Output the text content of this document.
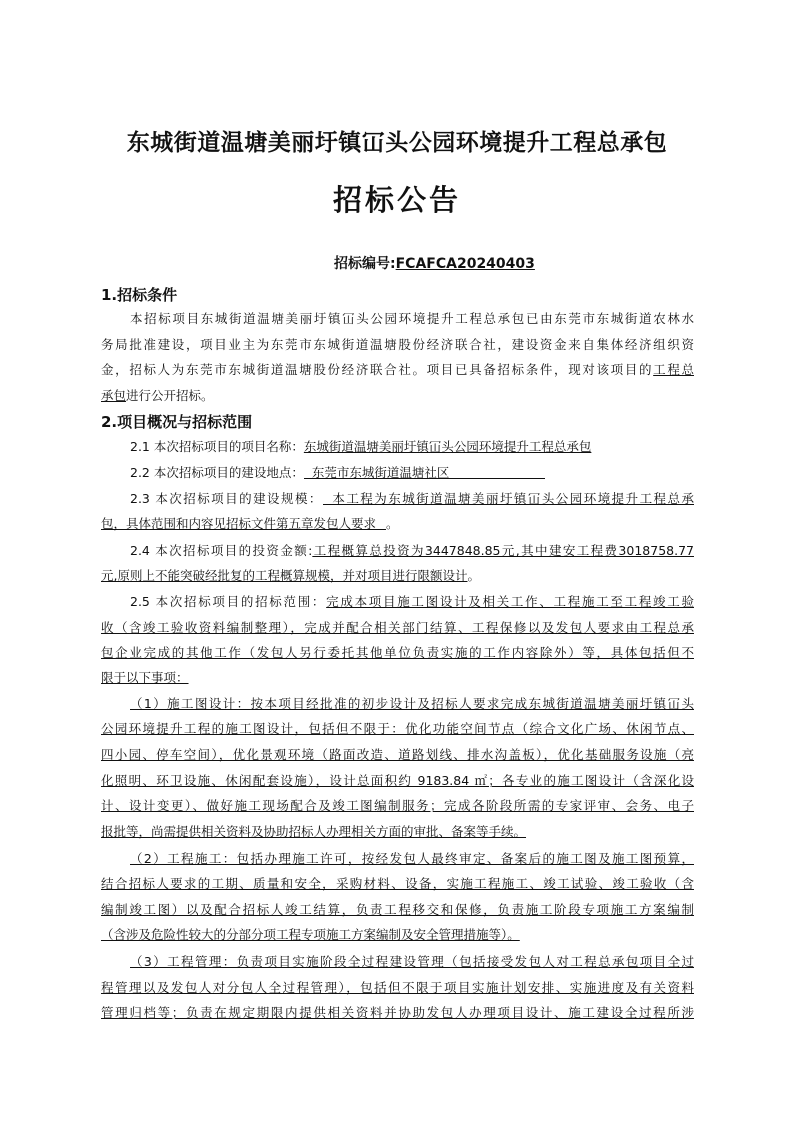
东城街道温塘美丽圩镇冚头公园环境提升工程总承包
招标公告
招标编号:FCAFCA20240403
1.招标条件
本招标项目东城街道温塘美丽圩镇冚头公园环境提升工程总承包已由东莞市东城街道农林水
务局批准建设，项目业主为东莞市东城街道温塘股份经济联合社，建设资金来自集体经济组织资
金，招标人为东莞市东城街道温塘股份经济联合社。项目已具备招标条件，现对该项目的工程总
承包进行公开招标。
2.项目概况与招标范围
2.1 本次招标项目的项目名称：东城街道温塘美丽圩镇冚头公园环境提升工程总承包
2.2 本次招标项目的建设地点： 东莞市东城街道温塘社区
2.3 本次招标项目的建设规模： 本工程为东城街道温塘美丽圩镇冚头公园环境提升工程总承
包，具体范围和内容见招标文件第五章发包人要求 。
2.4 本次招标项目的投资金额:工程概算总投资为3447848.85元,其中建安工程费3018758.77
元,原则上不能突破经批复的工程概算规模，并对项目进行限额设计。
2.5 本次招标项目的招标范围：完成本项目施工图设计及相关工作、工程施工至工程竣工验
收（含竣工验收资料编制整理），完成并配合相关部门结算、工程保修以及发包人要求由工程总承
包企业完成的其他工作（发包人另行委托其他单位负责实施的工作内容除外）等，具体包括但不
限于以下事项：
（1）施工图设计：按本项目经批准的初步设计及招标人要求完成东城街道温塘美丽圩镇冚头
公园环境提升工程的施工图设计，包括但不限于：优化功能空间节点（综合文化广场、休闲节点、
四小园、停车空间），优化景观环境（路面改造、道路划线、排水沟盖板），优化基础服务设施（亮
化照明、环卫设施、休闲配套设施），设计总面积约 9183.84 ㎡；各专业的施工图设计（含深化设
计、设计变更）、做好施工现场配合及竣工图编制服务；完成各阶段所需的专家评审、会务、电子
报批等，尚需提供相关资料及协助招标人办理相关方面的审批、备案等手续。
（2）工程施工：包括办理施工许可，按经发包人最终审定、备案后的施工图及施工图预算，
结合招标人要求的工期、质量和安全，采购材料、设备，实施工程施工、竣工试验、竣工验收（含
编制竣工图）以及配合招标人竣工结算，负责工程移交和保修，负责施工阶段专项施工方案编制
（含涉及危险性较大的分部分项工程专项施工方案编制及安全管理措施等）。
（3）工程管理：负责项目实施阶段全过程建设管理（包括接受发包人对工程总承包项目全过
程管理以及发包人对分包人全过程管理），包括但不限于项目实施计划安排、实施进度及有关资料
管理归档等；负责在规定期限内提供相关资料并协助发包人办理项目设计、施工建设全过程所涉
